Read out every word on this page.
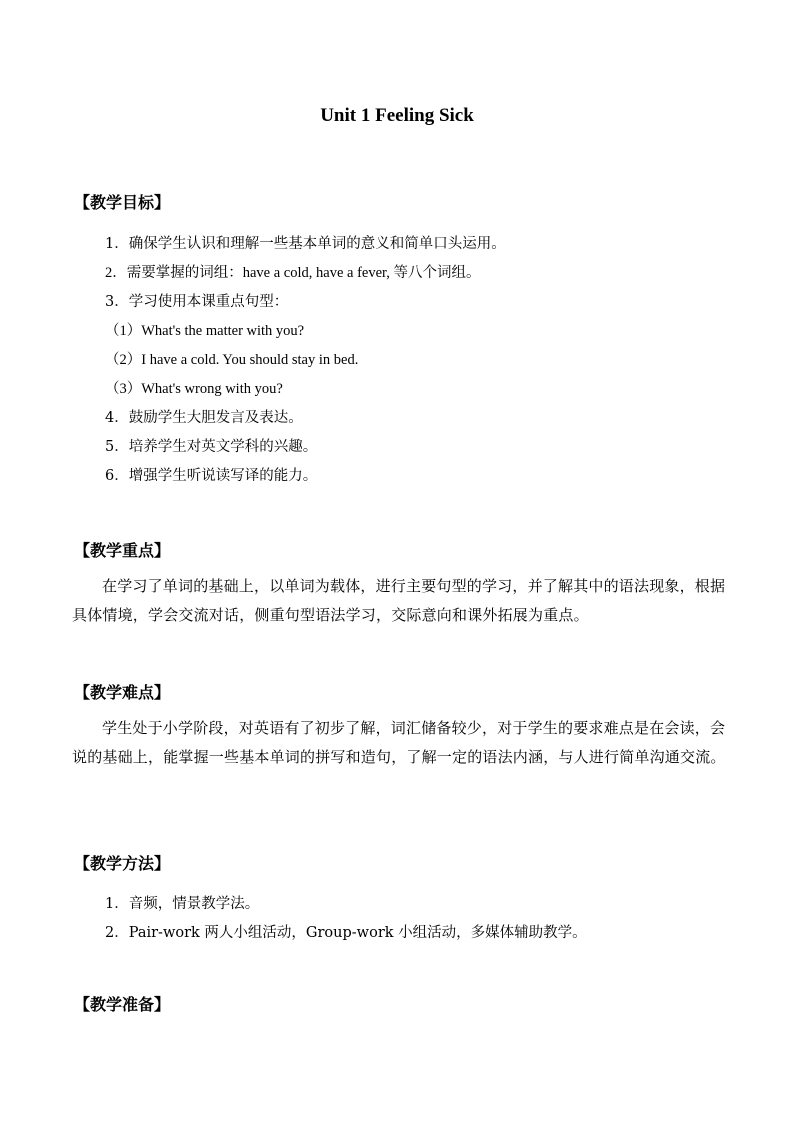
Unit 1 Feeling Sick
【教学目标】
1．确保学生认识和理解一些基本单词的意义和简单口头运用。
2．需要掌握的词组：have a cold, have a fever, 等八个词组。
3．学习使用本课重点句型：
（1）What's the matter with you?
（2）I have a cold. You should stay in bed.
（3）What's wrong with you?
4．鼓励学生大胆发言及表达。
5．培养学生对英文学科的兴趣。
6．增强学生听说读写译的能力。
【教学重点】
在学习了单词的基础上，以单词为载体，进行主要句型的学习，并了解其中的语法现象，根据具体情境，学会交流对话，侧重句型语法学习，交际意向和课外拓展为重点。
【教学难点】
学生处于小学阶段，对英语有了初步了解，词汇储备较少，对于学生的要求难点是在会读，会说的基础上，能掌握一些基本单词的拼写和造句，了解一定的语法内涵，与人进行简单沟通交流。
【教学方法】
1．音频，情景教学法。
2．Pair-work 两人小组活动，Group-work 小组活动，多媒体辅助教学。
【教学准备】
